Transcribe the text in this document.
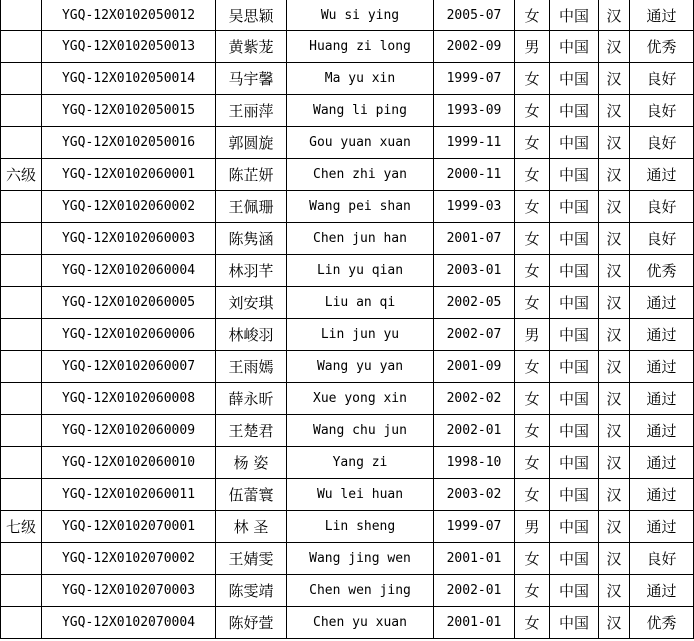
	YGQ-12X0102050012	吴思颖	Wu si ying	2005-07	女	中国	汉	通过
	YGQ-12X0102050013	黄紫茏	Huang zi long	2002-09	男	中国	汉	优秀
	YGQ-12X0102050014	马宇馨	Ma yu xin	1999-07	女	中国	汉	良好
	YGQ-12X0102050015	王丽萍	Wang li ping	1993-09	女	中国	汉	良好
	YGQ-12X0102050016	郭圆旋	Gou yuan xuan	1999-11	女	中国	汉	良好
六级	YGQ-12X0102060001	陈芷妍	Chen zhi yan	2000-11	女	中国	汉	通过
	YGQ-12X0102060002	王佩珊	Wang pei shan	1999-03	女	中国	汉	良好
	YGQ-12X0102060003	陈隽涵	Chen jun han	2001-07	女	中国	汉	良好
	YGQ-12X0102060004	林羽芊	Lin yu qian	2003-01	女	中国	汉	优秀
	YGQ-12X0102060005	刘安琪	Liu an qi	2002-05	女	中国	汉	通过
	YGQ-12X0102060006	林峻羽	Lin jun yu	2002-07	男	中国	汉	通过
	YGQ-12X0102060007	王雨嫣	Wang yu yan	2001-09	女	中国	汉	通过
	YGQ-12X0102060008	薛永昕	Xue yong xin	2002-02	女	中国	汉	通过
	YGQ-12X0102060009	王楚君	Wang chu jun	2002-01	女	中国	汉	通过
	YGQ-12X0102060010	杨 姿	Yang zi	1998-10	女	中国	汉	通过
	YGQ-12X0102060011	伍蕾寰	Wu lei huan	2003-02	女	中国	汉	通过
七级	YGQ-12X0102070001	林 圣	Lin sheng	1999-07	男	中国	汉	通过
	YGQ-12X0102070002	王婧雯	Wang jing wen	2001-01	女	中国	汉	良好
	YGQ-12X0102070003	陈雯靖	Chen wen jing	2002-01	女	中国	汉	通过
	YGQ-12X0102070004	陈妤萱	Chen yu xuan	2001-01	女	中国	汉	优秀
